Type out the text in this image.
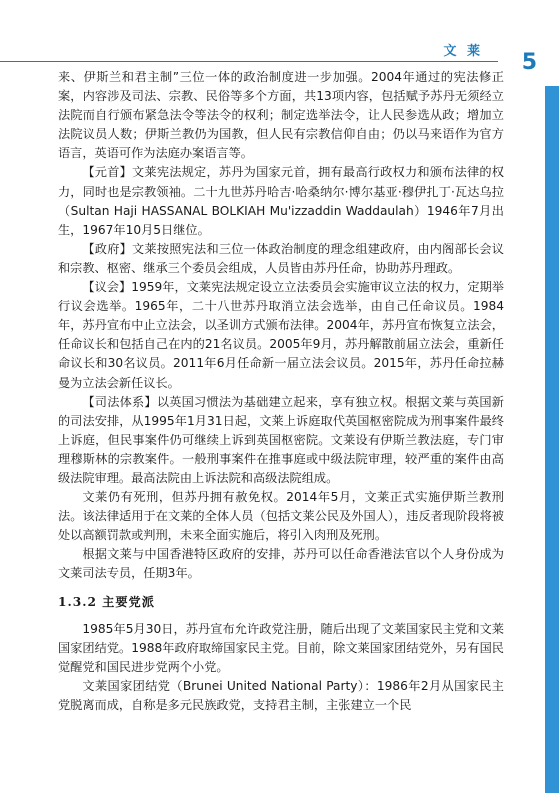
文 莱 5

来、伊斯兰和君主制”三位一体的政治制度进一步加强。2004年通过的宪法修正案，内容涉及司法、宗教、民俗等多个方面，共13项内容，包括赋予苏丹无须经立法院而自行颁布紧急法令等法令的权利；制定选举法令，让人民参选从政；增加立法院议员人数；伊斯兰教仍为国教，但人民有宗教信仰自由；仍以马来语作为官方语言，英语可作为法庭办案语言等。

【元首】文莱宪法规定，苏丹为国家元首，拥有最高行政权力和颁布法律的权力，同时也是宗教领袖。二十九世苏丹哈吉·哈桑纳尔·博尔基亚·穆伊扎丁·瓦达乌拉（Sultan Haji HASSANAL BOLKIAH Mu'izzaddin Waddaulah）1946年7月出生，1967年10月5日继位。

【政府】文莱按照宪法和三位一体政治制度的理念组建政府，由内阁部长会议和宗教、枢密、继承三个委员会组成，人员皆由苏丹任命，协助苏丹理政。

【议会】1959年，文莱宪法规定设立立法委员会实施审议立法的权力，定期举行议会选举。1965年，二十八世苏丹取消立法会选举，由自己任命议员。1984年，苏丹宣布中止立法会，以圣训方式颁布法律。2004年，苏丹宣布恢复立法会，任命议长和包括自己在内的21名议员。2005年9月，苏丹解散前届立法会，重新任命议长和30名议员。2011年6月任命新一届立法会议员。2015年，苏丹任命拉赫曼为立法会新任议长。

【司法体系】以英国习惯法为基础建立起来，享有独立权。根据文莱与英国新的司法安排，从1995年1月31日起，文莱上诉庭取代英国枢密院成为刑事案件最终上诉庭，但民事案件仍可继续上诉到英国枢密院。文莱设有伊斯兰教法庭，专门审理穆斯林的宗教案件。一般刑事案件在推事庭或中级法院审理，较严重的案件由高级法院审理。最高法院由上诉法院和高级法院组成。

文莱仍有死刑，但苏丹拥有赦免权。2014年5月，文莱正式实施伊斯兰教刑法。该法律适用于在文莱的全体人员（包括文莱公民及外国人），违反者现阶段将被处以高额罚款或判刑，未来全面实施后，将引入肉刑及死刑。

根据文莱与中国香港特区政府的安排，苏丹可以任命香港法官以个人身份成为文莱司法专员，任期3年。

1.3.2 主要党派

1985年5月30日，苏丹宣布允许政党注册，随后出现了文莱国家民主党和文莱国家团结党。1988年政府取缔国家民主党。目前，除文莱国家团结党外，另有国民觉醒党和国民进步党两个小党。

文莱国家团结党（Brunei United National Party）：1986年2月从国家民主党脱离而成，自称是多元民族政党，支持君主制，主张建立一个民
